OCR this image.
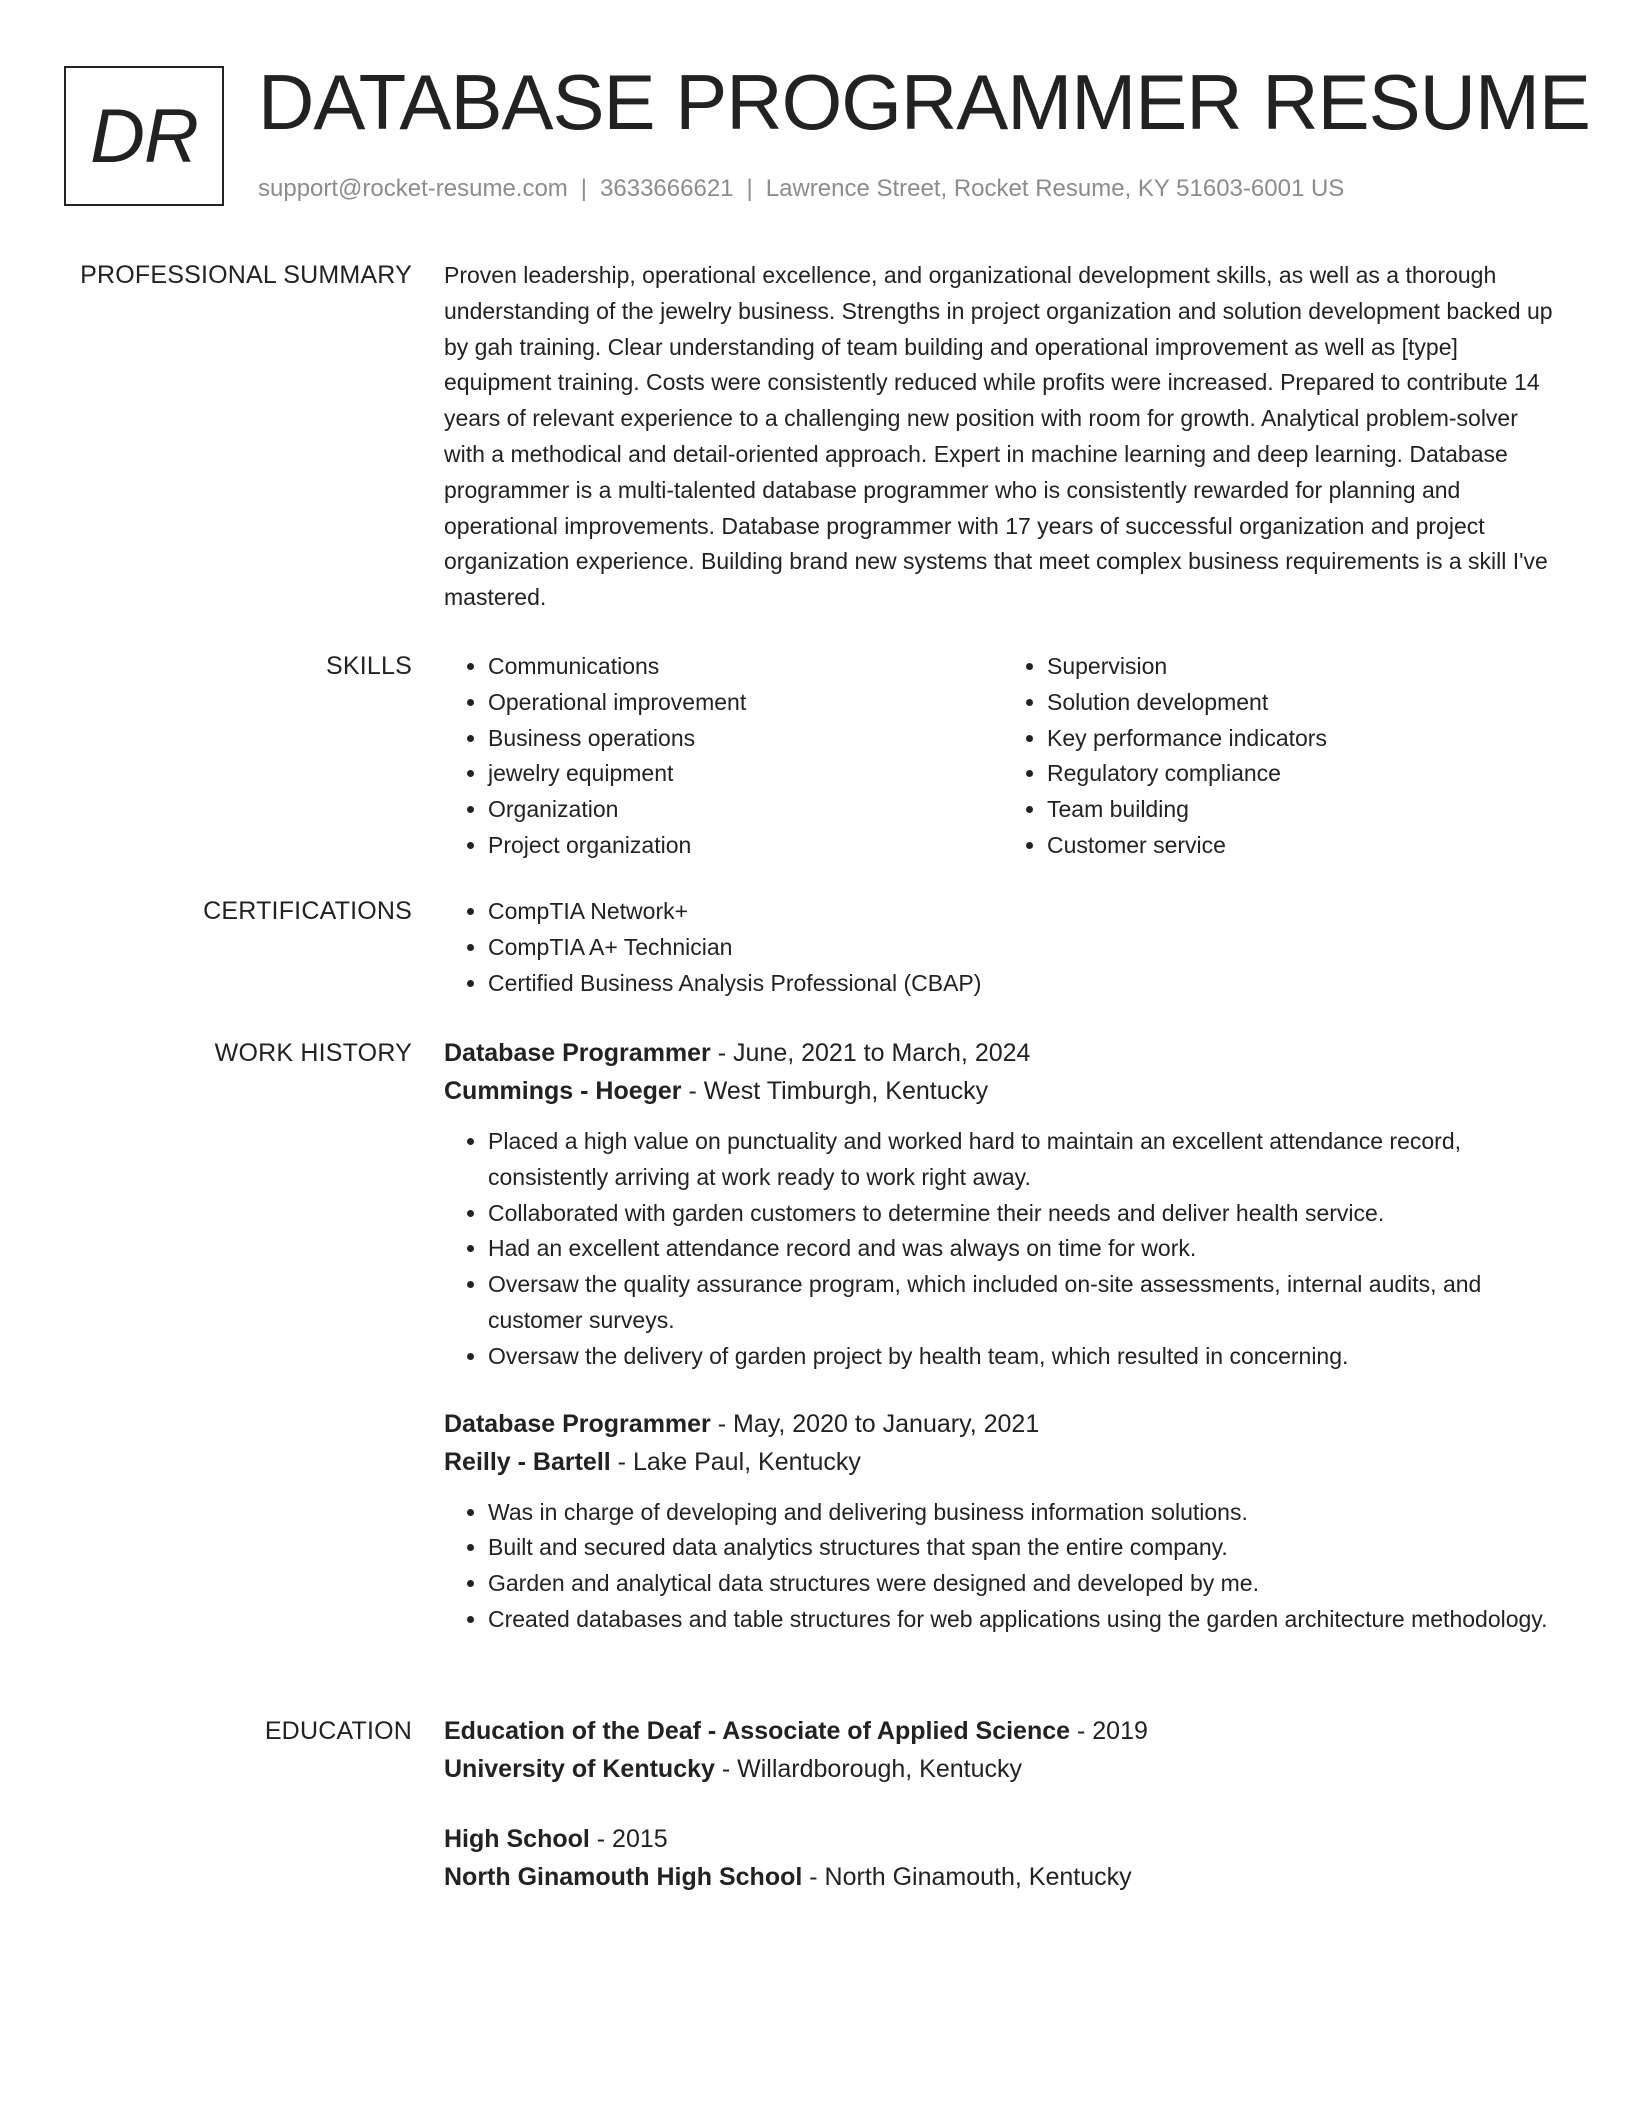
DR DATABASE PROGRAMMER RESUME
support@rocket-resume.com | 3633666621 | Lawrence Street, Rocket Resume, KY 51603-6001 US
PROFESSIONAL SUMMARY Proven leadership, operational excellence, and organizational development skills, as well as a thorough understanding of the jewelry business. Strengths in project organization and solution development backed up by gah training. Clear understanding of team building and operational improvement as well as [type] equipment training. Costs were consistently reduced while profits were increased. Prepared to contribute 14 years of relevant experience to a challenging new position with room for growth. Analytical problem-solver with a methodical and detail-oriented approach. Expert in machine learning and deep learning. Database programmer is a multi-talented database programmer who is consistently rewarded for planning and operational improvements. Database programmer with 17 years of successful organization and project organization experience. Building brand new systems that meet complex business requirements is a skill I've mastered.

SKILLS	• Communications
• Operational improvement
• Business operations
• jewelry equipment
• Organization
• Project organization
• Supervision
• Solution development
• Key performance indicators
• Regulatory compliance
• Team building
• Customer service
CERTIFICATIONS	• CompTIA Network+
• CompTIA A+ Technician
• Certified Business Analysis Professional (CBAP)
WORK HISTORY Database Programmer - June, 2021 to March, 2024
Cummings - Hoeger - West Timburgh, Kentucky
• Placed a high value on punctuality and worked hard to maintain an excellent attendance record, consistently arriving at work ready to work right away.
• Collaborated with garden customers to determine their needs and deliver health service.
• Had an excellent attendance record and was always on time for work.
• Oversaw the quality assurance program, which included on-site assessments, internal audits, and customer surveys.
• Oversaw the delivery of garden project by health team, which resulted in concerning.
Database Programmer - May, 2020 to January, 2021
Reilly - Bartell - Lake Paul, Kentucky
• Was in charge of developing and delivering business information solutions.
• Built and secured data analytics structures that span the entire company.
• Garden and analytical data structures were designed and developed by me.
• Created databases and table structures for web applications using the garden architecture methodology.
EDUCATION Education of the Deaf - Associate of Applied Science - 2019
University of Kentucky - Willardborough, Kentucky
High School - 2015
North Ginamouth High School - North Ginamouth, Kentucky
